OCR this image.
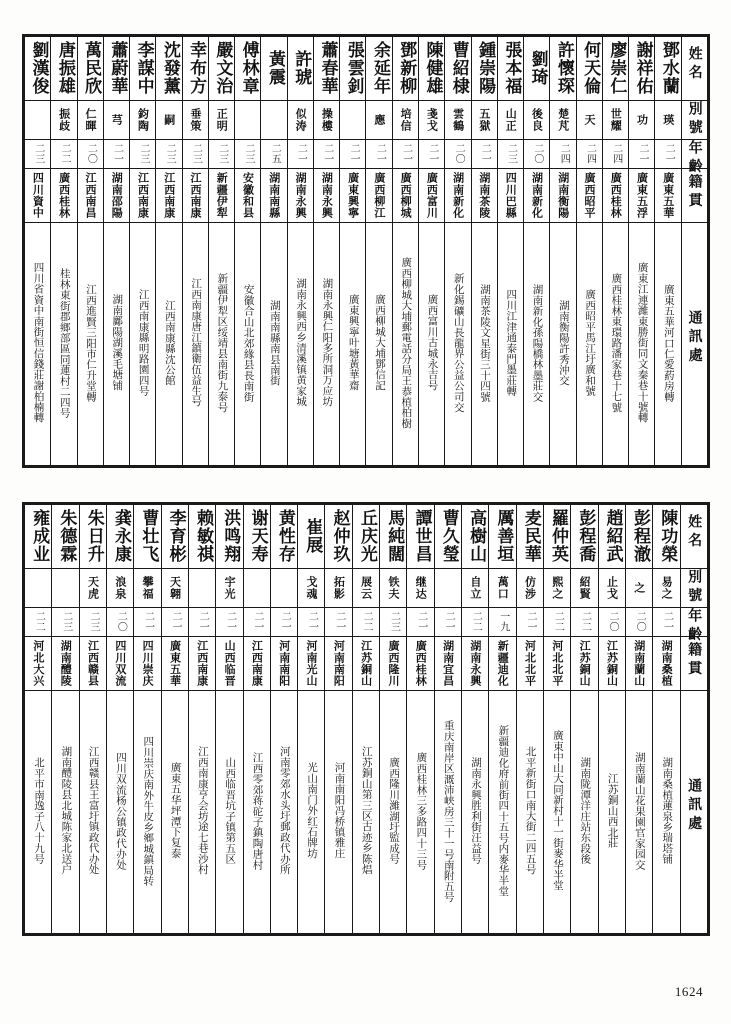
劉漢俊	唐振雄	萬民欣	蕭蔚華	李謀中	沈發薰	幸布方	嚴文治	傅林章	黃震	許琥	蕭春華	張雲釗	余延年	鄧新柳	陳健雄	曹紹棣	鍾崇陽	張本福	劉琦	許懷琛	何天倫	廖崇仁	謝祥佑	鄧水蘭	姓名

	振歧	仁暉	芎	鈞陶	嗣	垂策	正明			似涛	操樓		應	培信	戔戈	雲鶴	五獄	山正	後良	楚芃	天	世耀	功	瑛	別號

二三	二二	二〇	二一	二三	二三	二三	二三	二三	二五	二一	二一	二一	二一	二一	二一	二〇	二一	二三	二〇	二四	二四	二四	二一	二一	年齡

四川資中	廣西桂林	江西南昌	湖南邵陽	江西南康	江西南康	江西南康	新疆伊犁	安徽和县	湖南南縣	湖南永興	湖南永興	廣東興寧	廣西柳江	廣西柳城	廣西富川	湖南新化	湖南茶陵	四川巴縣	湖南新化	湖南衡陽	廣西昭平	廣西桂林	廣東五浮	廣東五華	籍貫

四川省資中南街恒信錢莊謝柏楠轉	桂林東街郡鄉部區同蓮村二四号	江西進賢三阳市仁升堂轉	湖南鄺陽湖溪毛塘铺	江西南康縣明路園四号	江西南康縣沈公館	江西南康唐江鎮衛伍益生号	新疆伊犁区绥靖县南街九泰号	安徽合山北郊緣县長南街	湖南南縣南县南街	湖南永興西乡清溪镇黄家城	湖南永興仁阳多所洞万应坊	廣東興寧叶塘黃華齋	廣西柳城大埔鄧信記	廣西柳城大埔郵電話分局王恭植柏樹	廣西富川古城永吉号	新化錫礦山長龍界公益公司交	湖南茶陵文星街三十四號	四川江津通泰門墨莊轉	湖南新化孫陽橋林墨莊交	湖南衡陽許秀沖交	廣西昭平馬江圩廣和號	廣西桂林東環路潘家巷十七號	廣東江連濰東勝街同文秦巷十號轉	廣東五華河口仁愛葯房轉	通訊處
雍成业	朱德霖	朱日升	龚永康	曹壮飞	李育彬	赖敏祺	洪鸣翔	谢天寿	黄性存	崔展	赵仲玖	丘庆光	馬純闊	譚世昌	曹久瑩	高樹山	厲善垣	麦民華	羅仲英	彭程喬	趙紹武	彭程澈	陳功榮	姓名

		天虎	浪泉	攀福	天翱		宇光			戈魂	拓影	展云	铁夫	继达		自立	萬口	仿涉	熙之	紹賢	止戈	之	易之	別號

二二	二三	二三	二〇	二一	二一	二一	二一	二一	二一	二一	二一	二二	二三	二一	二一	二二	一九	二一	二二	二二	二〇	二〇	二一	年齡

河北大兴	湖南醴陵	江西赣县	四川双流	四川崇庆	廣東五華	江西南康	山西临晋	江西南康	河南南阳	河南光山	河南南阳	江苏銅山	廣西隆川	廣西桂林	湖南宜昌	湖南永興	新疆迪化	河北北平	河北北平	江苏銅山	江苏銅山	湖南蘭山	湖南桑植	籍貫

北平市南逸子八十九号	湖南醴陵县北城陈家北送户	江西赣县王富圩镇政代办处	四川双流杨公镇政代办处	四川崇庆南外牛皮乡鄉城鎮局转	廣東五华坪潭下复泰	江西南康亨会坊途七巷沙村	山西临晋坑子镇第五区	江西零郊蒋砣子鎮陶唐村	河南零郊水头圩郵政代办所	光山南门外红石牌坊	河南南阳冯桥镇雅庄	江苏銅山第三区古迹乡陈焻	廣西隆川濰湖圩監成号	廣西桂林三多路四十三号	重庆南岸区溉沛峡房三十一号南附五号	湖南永興胜利街汪益号	新疆迪化府前街四十五号内麥华半堂	北平新街口南大街二四五号	廣東中山大同新村十一街麥华半堂	湖南陇潭洋庄站东段後	江苏銅山西北莊	湖南蘭山花果園官家园交	湖南桑植蓮泉乡瑞塔铺	通訊處
1624
